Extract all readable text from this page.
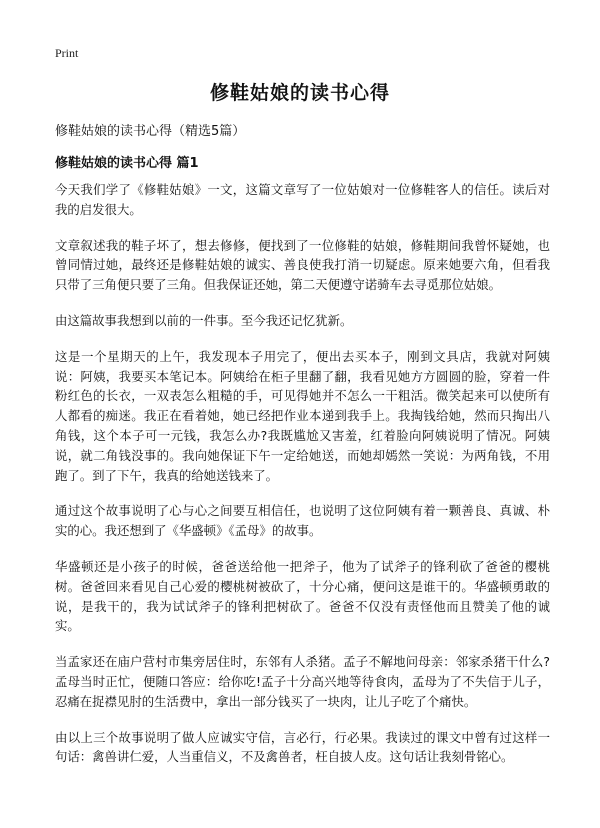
Print
修鞋姑娘的读书心得
修鞋姑娘的读书心得（精选5篇）
修鞋姑娘的读书心得 篇1

今天我们学了《修鞋姑娘》一文，这篇文章写了一位姑娘对一位修鞋客人的信任。读后对我的启发很大。

文章叙述我的鞋子坏了，想去修修，便找到了一位修鞋的姑娘，修鞋期间我曾怀疑她，也曾同情过她，最终还是修鞋姑娘的诚实、善良使我打消一切疑虑。原来她要六角，但看我只带了三角便只要了三角。但我保证还她，第二天便遵守诺骑车去寻觅那位姑娘。

由这篇故事我想到以前的一件事。至今我还记忆犹新。

这是一个星期天的上午，我发现本子用完了，便出去买本子，刚到文具店，我就对阿姨说：阿姨，我要买本笔记本。阿姨给在柜子里翻了翻，我看见她方方圆圆的脸，穿着一件粉红色的长衣，一双表怎么粗糙的手，可见得她并不怎么一干粗活。微笑起来可以使所有人都看的痴迷。我正在看着她，她已经把作业本递到我手上。我掏钱给她，然而只掏出八角钱，这个本子可一元钱，我怎么办?我既尴尬又害羞，红着脸向阿姨说明了情况。阿姨说，就二角钱没事的。我向她保证下午一定给她送，而她却嫣然一笑说：为两角钱，不用跑了。到了下午，我真的给她送钱来了。

通过这个故事说明了心与心之间要互相信任，也说明了这位阿姨有着一颗善良、真诚、朴实的心。我还想到了《华盛顿》《孟母》的故事。

华盛顿还是小孩子的时候，爸爸送给他一把斧子，他为了试斧子的锋利砍了爸爸的樱桃树。爸爸回来看见自己心爱的樱桃树被砍了，十分心痛，便问这是谁干的。华盛顿勇敢的说，是我干的，我为试试斧子的锋利把树砍了。爸爸不仅没有责怪他而且赞美了他的诚实。

当孟家还在庙户营村市集旁居住时，东邻有人杀猪。孟子不解地问母亲：邻家杀猪干什么?孟母当时正忙，便随口答应：给你吃!孟子十分高兴地等待食肉，孟母为了不失信于儿子，忍痛在捉襟见肘的生活费中，拿出一部分钱买了一块肉，让儿子吃了个痛快。

由以上三个故事说明了做人应诚实守信，言必行，行必果。我读过的课文中曾有过这样一句话：禽兽讲仁爱，人当重信义，不及禽兽者，枉自披人皮。这句话让我刻骨铭心。
